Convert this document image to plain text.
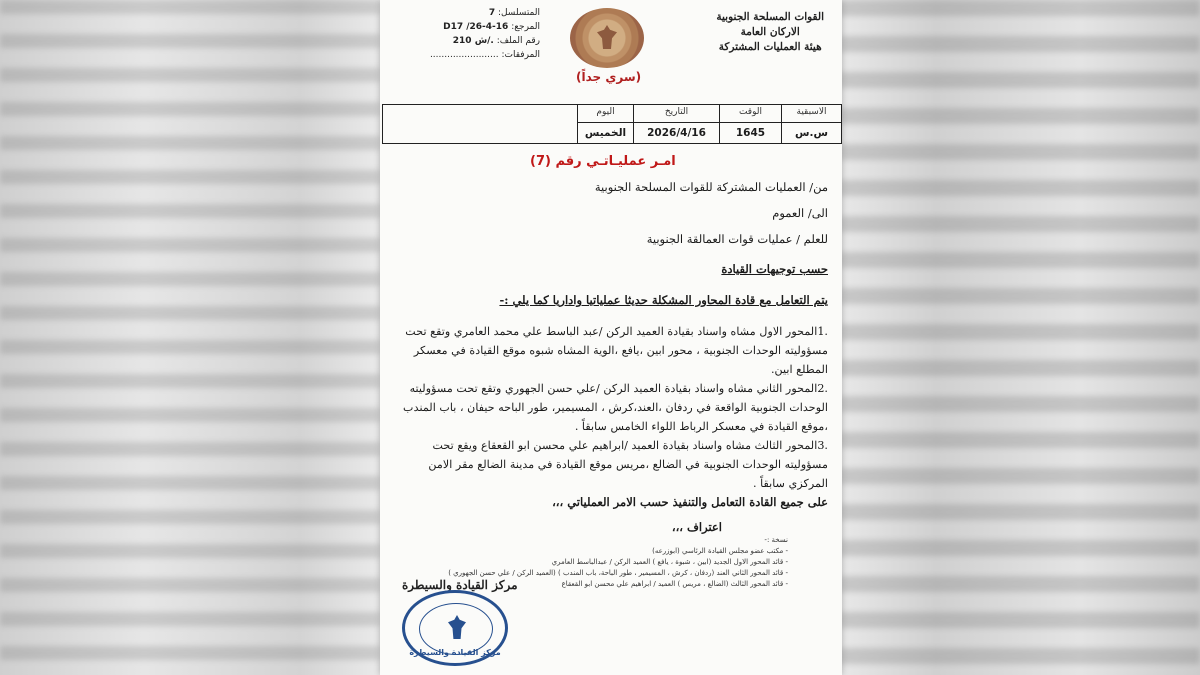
القوات المسلحة الجنوبية
الاركان العامة
هيئة العمليات المشتركة
(سري جداً)
المتسلسل: 7
المرجع: D17 /26-4-16
رقم الملف: 210 ش/.
المرفقات: ........................
الاسبقية
س.س
الوقت
1645
التاريخ
2026/4/16
اليوم
الخميس
امـر عمليـاتـي رقم (7)
من/ العمليات المشتركة للقوات المسلحة الجنوبية
الى/ العموم
للعلم / عمليات قوات العمالقة الجنوبية
حسب توجيهات القيادة
يتم التعامل مع قادة المحاور المشكلة حديثا عملياتيا واداريا كما يلي :-
1.المحور الاول مشاه واسناد بقيادة العميد الركن /عبد الباسط علي محمد العامري وتقع تحت مسؤوليته الوحدات الجنوبية ، محور ابين ،يافع ،الوية المشاه شبوه موقع القيادة في معسكر المطلع ابين.
2.المحور الثاني مشاه واسناد بقيادة العميد الركن /علي حسن الجهوري وتقع تحت مسؤوليته الوحدات الجنوبية الواقعة في ردفان ،العند،كرش ، المسيمير، طور الباحه حيفان ، باب المندب ،موقع القيادة في معسكر الرباط اللواء الخامس سابقاً .
3.المحور الثالث مشاه واسناد بقيادة العميد /ابراهيم علي محسن ابو القعقاع ويقع تحت مسؤوليته الوحدات الجنوبية في الضالع ،مريس موقع القيادة في مدينة الضالع مقر الامن المركزي سابقاً .
على جميع القادة التعامل والتنفيذ حسب الامر العملياتي ،،،
اعتراف ،،،
نسخة :-
- مكتب عضو مجلس القيادة الرئاسي (ابوزرعه)
- قائد المحور الاول الجديد (ابين ، شبوة ، يافع ) العميد الركن / عبدالباسط العامري
- قائد المحور الثاني العند (ردفان ، كرش ، المسيمير ، طور الباحة، باب المندب ) (العميد الركن / علي حسن الجهوري )
- قائد المحور الثالث (الضالع ، مريس ) العميد / ابراهيم علي محسن ابو القعقاع
مركز القيادة والسيطرة
مركز القيادة والسيطرة
